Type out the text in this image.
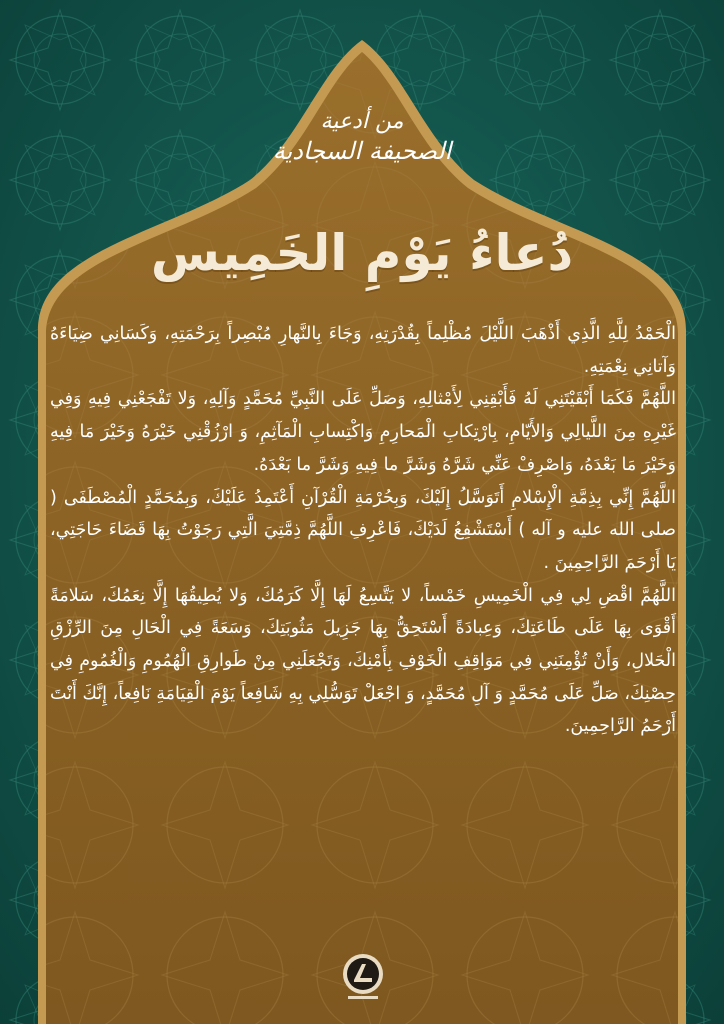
من أدعية
الصحيفة السجادية
دُعاءُ يَوْمِ الخَمِيس

الْحَمْدُ لِلَّهِ الَّذِي أَذْهَبَ اللَّيْلَ مُظْلِماً بِقُدْرَتِهِ، وَجَاءَ بِالنَّهارِ مُبْصِراً بِرَحْمَتِهِ، وَكَسَانِي ضِيَاءَهُ وَآتانِي نِعْمَتِهِ.

اللَّهُمَّ فَكَمَا أَبْقَيْتَنِي لَهُ فَأَبْقِنِي لِأَمْثالِهِ، وَصَلِّ عَلَى النَّبِيِّ مُحَمَّدٍ وَآلِهِ، وَلا تَفْجَعْنِي فِيهِ وَفِي غَيْرِهِ مِنَ اللَّيالِي وَالأَيّامِ، بِارْتِكابِ الْمَحارِمِ وَاكْتِسابِ الْمَآثِمِ، وَ ارْزُقْنِي خَيْرَهُ وَخَيْرَ مَا فِيهِ وَخَيْرَ مَا بَعْدَهُ، وَاصْرِفْ عَنِّي شَرَّهُ وَشَرَّ ما فِيهِ وَشَرَّ ما بَعْدَهُ.

اللَّهُمَّ إِنِّي بِذِمَّةِ الْإِسْلامِ أَتَوَسَّلُ إِلَيْكَ، وَبِحُرْمَةِ الْقُرْآنِ أَعْتَمِدُ عَلَيْكَ، وَبِمُحَمَّدٍ الْمُصْطَفَى ( صلى الله عليه و آله ) أَسْتَشْفِعُ لَدَيْكَ، فَاعْرِفِ اللَّهُمَّ ذِمَّتِيَ الَّتِي رَجَوْتُ بِهَا قَضَاءَ حَاجَتِي، يَا أَرْحَمَ الرَّاحِمِينَ .

اللَّهُمَّ اقْضِ لِي فِي الْخَمِيسِ خَمْساً، لا يَتَّسِعُ لَهَا إِلَّا كَرَمُكَ، وَلا يُطِيقُهَا إِلَّا نِعَمُكَ، سَلامَةً أَقْوَى بِهَا عَلَى طَاعَتِكَ، وَعِبادَةً أَسْتَحِقُّ بِهَا جَزِيلَ مَثُوبَتِكَ، وَسَعَةً فِي الْحَالِ مِنَ الرِّزْقِ الْحَلالِ، وَأَنْ تُؤْمِنَنِي فِي مَوَاقِفِ الْخَوْفِ بِأَمْنِكَ، وَتَجْعَلَنِي مِنْ طَوارِقِ الْهُمُومِ وَالْغُمُومِ فِي حِصْنِكَ، صَلِّ عَلَى مُحَمَّدٍ وَ آلِ مُحَمَّدٍ، وَ اجْعَلْ تَوَسُّلِي بِهِ شَافِعاً يَوْمَ الْقِيَامَةِ نَافِعاً، إِنَّكَ أَنْتَ أَرْحَمُ الرَّاحِمِينَ.
